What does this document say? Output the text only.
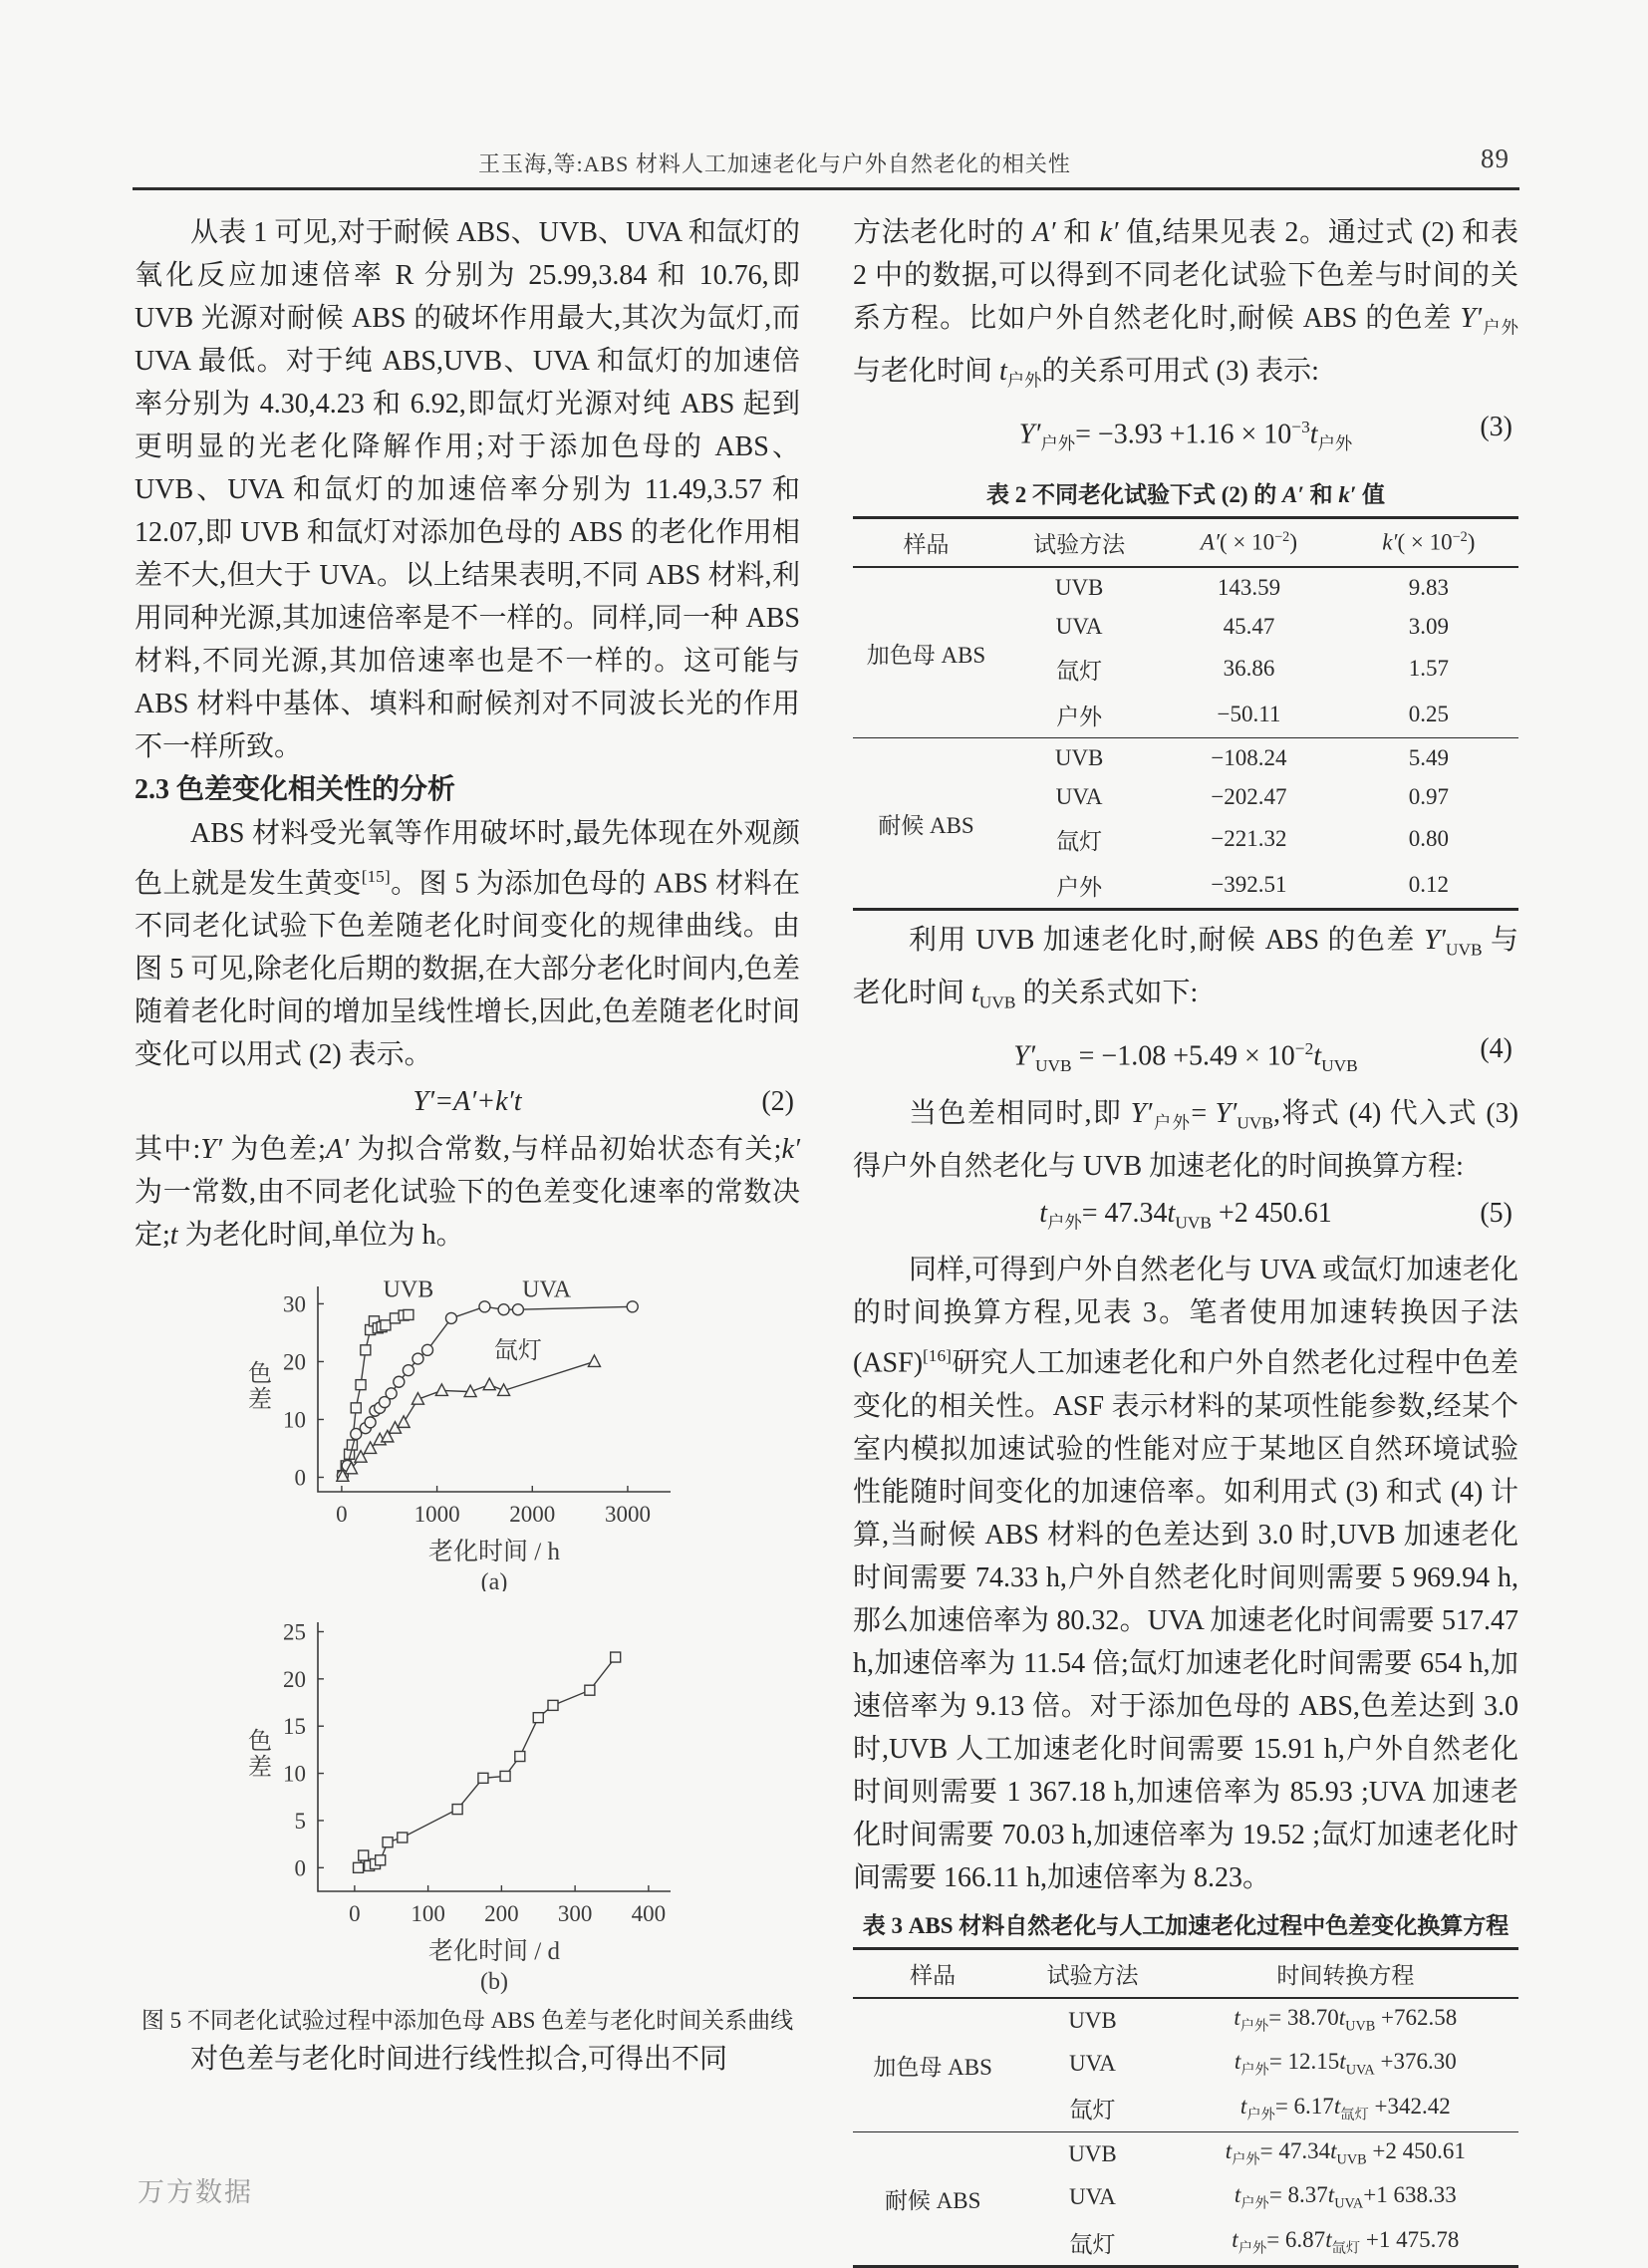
王玉海,等:ABS 材料人工加速老化与户外自然老化的相关性	89

从表 1 可见,对于耐候 ABS、UVB、UVA 和氙灯的氧化反应加速倍率 R 分别为 25.99,3.84 和 10.76,即 UVB 光源对耐候 ABS 的破坏作用最大,其次为氙灯,而 UVA 最低。对于纯 ABS,UVB、UVA 和氙灯的加速倍率分别为 4.30,4.23 和 6.92,即氙灯光源对纯 ABS 起到更明显的光老化降解作用;对于添加色母的 ABS、UVB、UVA 和氙灯的加速倍率分别为 11.49,3.57 和 12.07,即 UVB 和氙灯对添加色母的 ABS 的老化作用相差不大,但大于 UVA。以上结果表明,不同 ABS 材料,利用同种光源,其加速倍率是不一样的。同样,同一种 ABS 材料,不同光源,其加倍速率也是不一样的。这可能与 ABS 材料中基体、填料和耐候剂对不同波长光的作用不一样所致。

2.3 色差变化相关性的分析

ABS 材料受光氧等作用破坏时,最先体现在外观颜色上就是发生黄变[15]。图 5 为添加色母的 ABS 材料在不同老化试验下色差随老化时间变化的规律曲线。由图 5 可见,除老化后期的数据,在大部分老化时间内,色差随着老化时间的增加呈线性增长,因此,色差随老化时间变化可以用式 (2) 表示。

Y′=A′+k′t	(2)

其中:Y′ 为色差;A′ 为拟合常数,与样品初始状态有关;k′ 为一常数,由不同老化试验下的色差变化速率的常数决定;t 为老化时间,单位为 h。

0	1000 2000 3000
0
10
20
30
色差
老化时间 / h
(a)
UVB	UVA
氙灯
0 100 200 300 400
0
5
10
15
20
25
色差
老化时间 / d
(b)
图 5 不同老化试验过程中添加色母 ABS 色差与老化时间关系曲线

对色差与老化时间进行线性拟合,可得出不同

方法老化时的 A′ 和 k′ 值,结果见表 2。通过式 (2) 和表 2 中的数据,可以得到不同老化试验下色差与时间的关系方程。比如户外自然老化时,耐候 ABS 的色差 $Y'_{户外}$与老化时间 $t_{户外}$的关系可用式 (3) 表示:

$Y'_{户外}= -3.93 +1.16 \times 10^{-3}t_{户外}$
(3)
表 2 不同老化试验下式 (2) 的 A′ 和 k′ 值
样品	试验方法	$A'( \times 10^{-2})$	$k'( \times 10^{-2})$
加色母 ABS	UVB	143.59	9.83
	UVA	45.47	3.09
	氙灯	36.86	1.57
	户外	−50.11	0.25
耐候 ABS	UVB	−108.24	5.49
	UVA	−202.47	0.97
	氙灯	−221.32	0.80
	户外	−392.51	0.12

利用 UVB 加速老化时,耐候 ABS 的色差 $Y'_{UVB}$ 与老化时间 $t_{UVB}$ 的关系式如下:

$Y'_{UVB} = -1.08 +5.49 \times 10^{-2}t_{UVB}$
(4)

当色差相同时,即 $Y'_{户外}= Y'_{UVB}$,将式 (4) 代入式 (3) 得户外自然老化与 UVB 加速老化的时间换算方程:

$t_{户外}= 47.34t_{UVB} +2$ 450.61	(5)

同样,可得到户外自然老化与 UVA 或氙灯加速老化的时间换算方程,见表 3。笔者使用加速转换因子法 (ASF)[16]研究人工加速老化和户外自然老化过程中色差变化的相关性。ASF 表示材料的某项性能参数,经某个室内模拟加速试验的性能对应于某地区自然环境试验性能随时间变化的加速倍率。如利用式 (3) 和式 (4) 计算,当耐候 ABS 材料的色差达到 3.0 时,UVB 加速老化时间需要 74.33 h,户外自然老化时间则需要 5 969.94 h,那么加速倍率为 80.32。UVA 加速老化时间需要 517.47 h,加速倍率为 11.54 倍;氙灯加速老化时间需要 654 h,加速倍率为 9.13 倍。对于添加色母的 ABS,色差达到 3.0 时,UVB 人工加速老化时间需要 15.91 h,户外自然老化时间则需要 1 367.18 h,加速倍率为 85.93 ;UVA 加速老化时间需要 70.03 h,加速倍率为 19.52 ;氙灯加速老化时间需要 166.11 h,加速倍率为 8.23。

表 3 ABS 材料自然老化与人工加速老化过程中色差变化换算方程
样品	试验方法	时间转换方程
加色母 ABS	UVB	$t_{户外}= 38.70t_{UVB} +762.58$
	UVA	$t_{户外}= 12.15t_{UVA} +376.30$
	氙灯	$t_{户外}= 6.17t_{氙灯} +342.42$
耐候 ABS	UVB	$t_{户外}= 47.34t_{UVB} +2$ 450.61
	UVA	$t_{户外}= 8.37t_{UVA}+1$ 638.33
	氙灯	$t_{户外}= 6.87t_{氙灯} +1$ 475.78
万方数据
